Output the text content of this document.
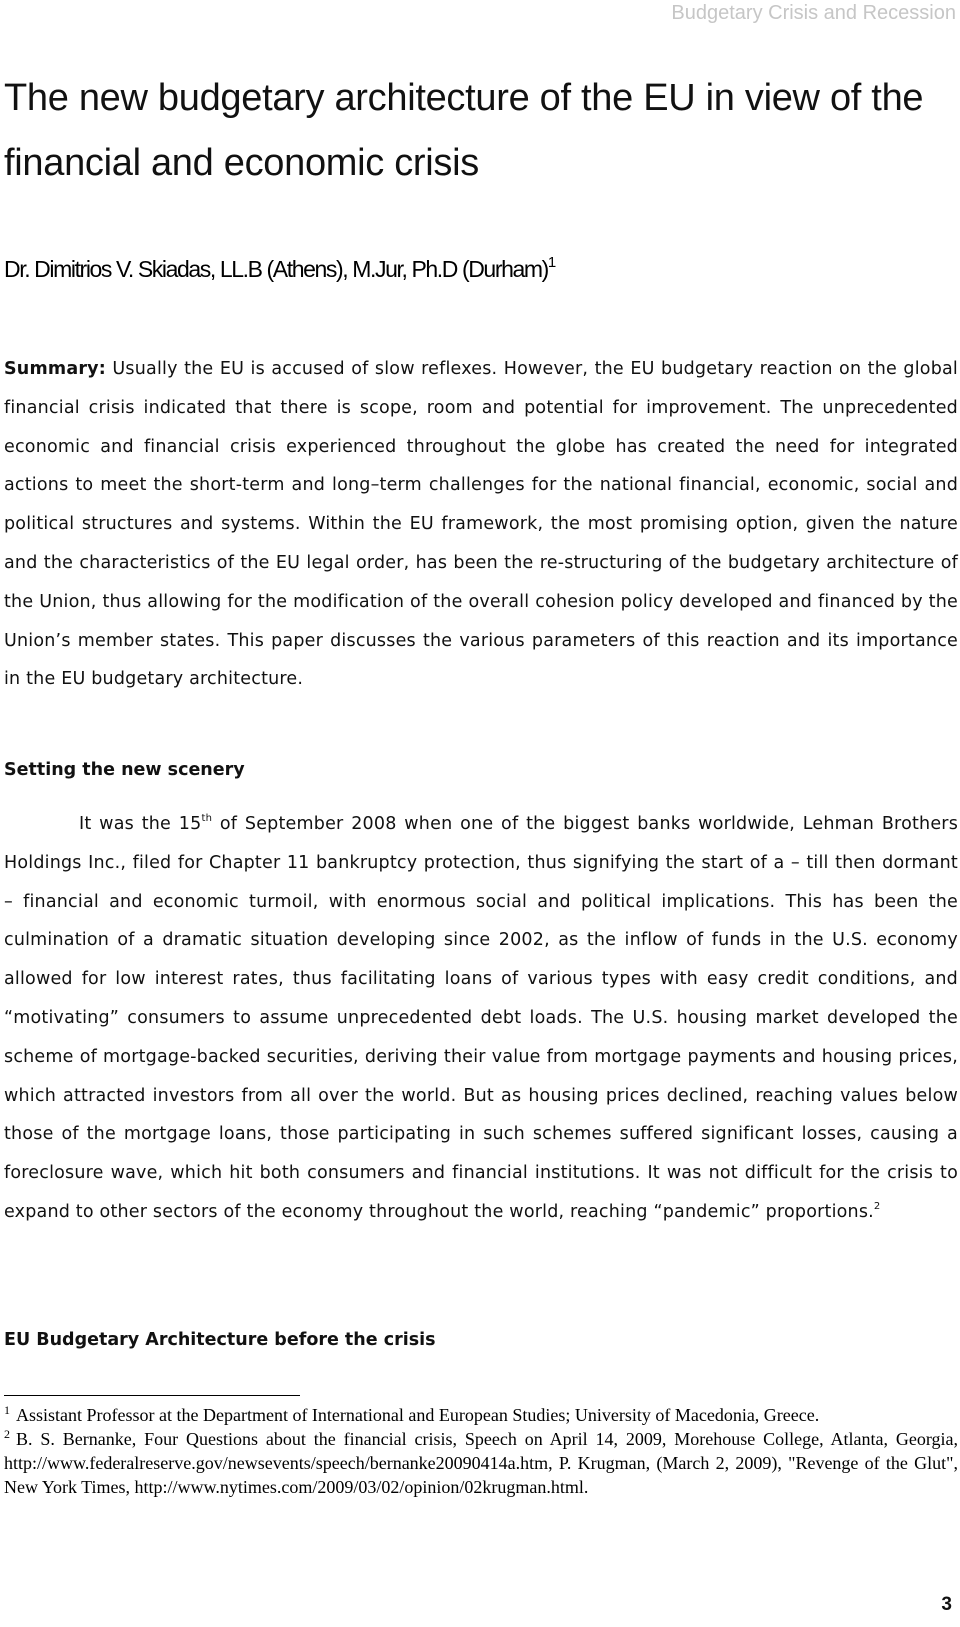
Budgetary Crisis and Recession
The new budgetary architecture of the EU in view of the financial and economic crisis
Dr. Dimitrios V. Skiadas, LL.B (Athens), M.Jur, Ph.D (Durham)$^1$

Summary: Usually the EU is accused of slow reflexes. However, the EU budgetary reaction on the global financial crisis indicated that there is scope, room and potential for improvement. The unprecedented economic and financial crisis experienced throughout the globe has created the need for integrated actions to meet the short-term and long–term challenges for the national financial, economic, social and political structures and systems. Within the EU framework, the most promising option, given the nature and the characteristics of the EU legal order, has been the re-structuring of the budgetary architecture of the Union, thus allowing for the modification of the overall cohesion policy developed and financed by the Union’s member states. This paper discusses the various parameters of this reaction and its importance in the EU budgetary architecture.

Setting the new scenery

It was the 15th of September 2008 when one of the biggest banks worldwide, Lehman Brothers Holdings Inc., filed for Chapter 11 bankruptcy protection, thus signifying the start of a – till then dormant – financial and economic turmoil, with enormous social and political implications. This has been the culmination of a dramatic situation developing since 2002, as the inflow of funds in the U.S. economy allowed for low interest rates, thus facilitating loans of various types with easy credit conditions, and “motivating” consumers to assume unprecedented debt loads. The U.S. housing market developed the scheme of mortgage-backed securities, deriving their value from mortgage payments and housing prices, which attracted investors from all over the world. But as housing prices declined, reaching values below those of the mortgage loans, those participating in such schemes suffered significant losses, causing a foreclosure wave, which hit both consumers and financial institutions. It was not difficult for the crisis to expand to other sectors of the economy throughout the world, reaching “pandemic” proportions.$^2$

EU Budgetary Architecture before the crisis

$^1$ Assistant Professor at the Department of International and European Studies; University of Macedonia, Greece.

$^2$ B. S. Bernanke, Four Questions about the financial crisis, Speech on April 14, 2009, Morehouse College, Atlanta, Georgia, http://www.federalreserve.gov/newsevents/speech/bernanke20090414a.htm, P. Krugman, (March 2, 2009), "Revenge of the Glut", New York Times, http://www.nytimes.com/2009/03/02/opinion/02krugman.html.

3
